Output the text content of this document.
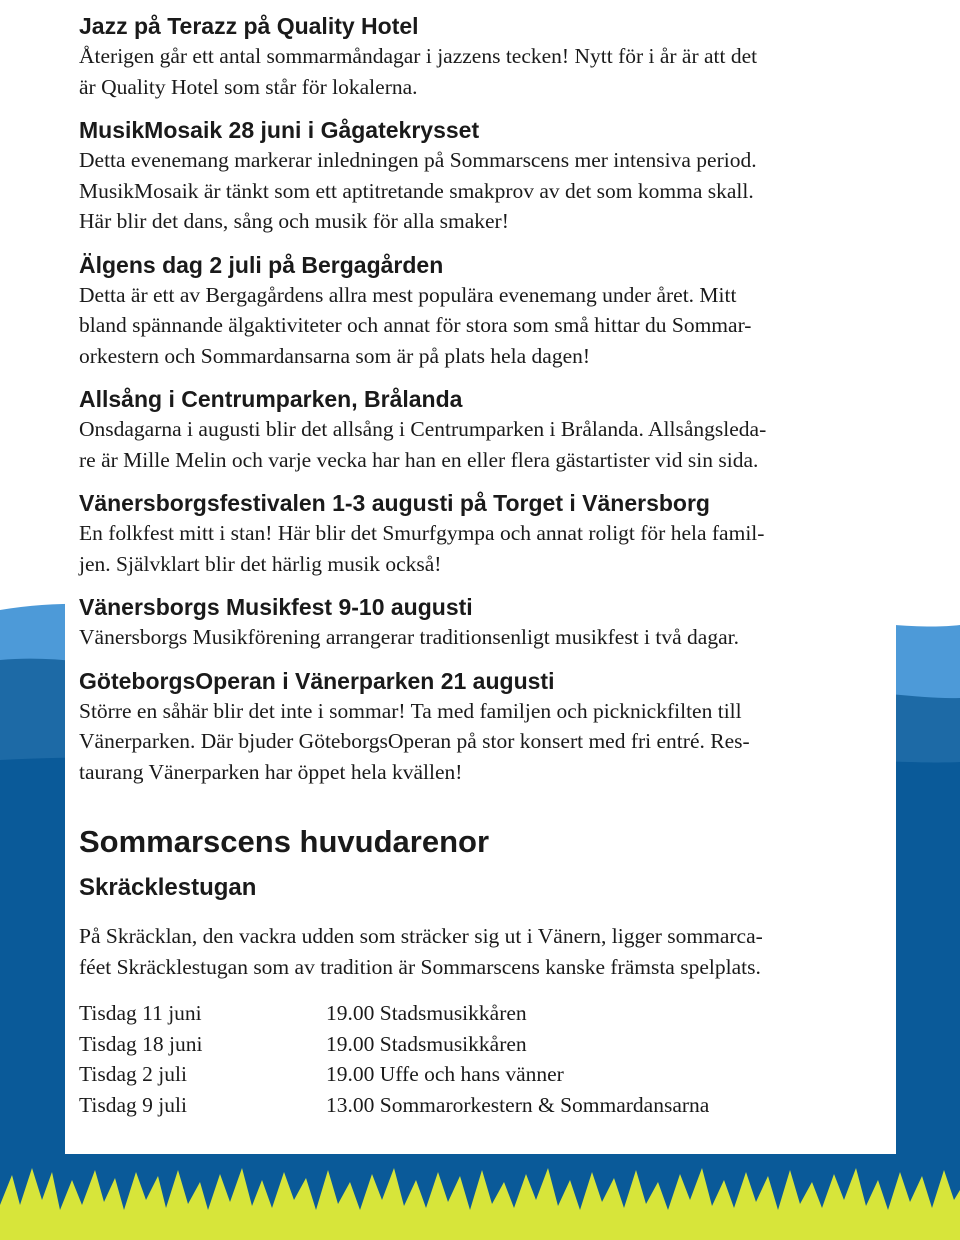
Jazz på Terazz på Quality Hotel

Återigen går ett antal sommarmåndagar i jazzens tecken! Nytt för i år är att det

är Quality Hotel som står för lokalerna.

MusikMosaik 28 juni i Gågatekrysset

Detta evenemang markerar inledningen på Sommarscens mer intensiva period.

MusikMosaik är tänkt som ett aptitretande smakprov av det som komma skall.

Här blir det dans, sång och musik för alla smaker!

Älgens dag 2 juli på Bergagården

Detta är ett av Bergagårdens allra mest populära evenemang under året. Mitt

bland spännande älgaktiviteter och annat för stora som små hittar du Sommar-

orkestern och Sommardansarna som är på plats hela dagen!

Allsång i Centrumparken, Brålanda

Onsdagarna i augusti blir det allsång i Centrumparken i Brålanda. Allsångsleda-

re är Mille Melin och varje vecka har han en eller flera gästartister vid sin sida.

Vänersborgsfestivalen 1-3 augusti på Torget i Vänersborg

En folkfest mitt i stan! Här blir det Smurfgympa och annat roligt för hela famil-

jen. Självklart blir det härlig musik också!

Vänersborgs Musikfest 9-10 augusti

Vänersborgs Musikförening arrangerar traditionsenligt musikfest i två dagar.

GöteborgsOperan i Vänerparken 21 augusti

Större en såhär blir det inte i sommar! Ta med familjen och picknickfilten till

Vänerparken. Där bjuder GöteborgsOperan på stor konsert med fri entré. Res-

taurang Vänerparken har öppet hela kvällen!

Sommarscens huvudarenor
Skräcklestugan

På Skräcklan, den vackra udden som sträcker sig ut i Vänern, ligger sommarca-

féet Skräcklestugan som av tradition är Sommarscens kanske främsta spelplats.

Tisdag 11 juni	19.00 Stadsmusikkåren
Tisdag 18 juni	19.00 Stadsmusikkåren
Tisdag 2 juli	19.00 Uffe och hans vänner
Tisdag 9 juli	13.00 Sommarorkestern & Sommardansarna
